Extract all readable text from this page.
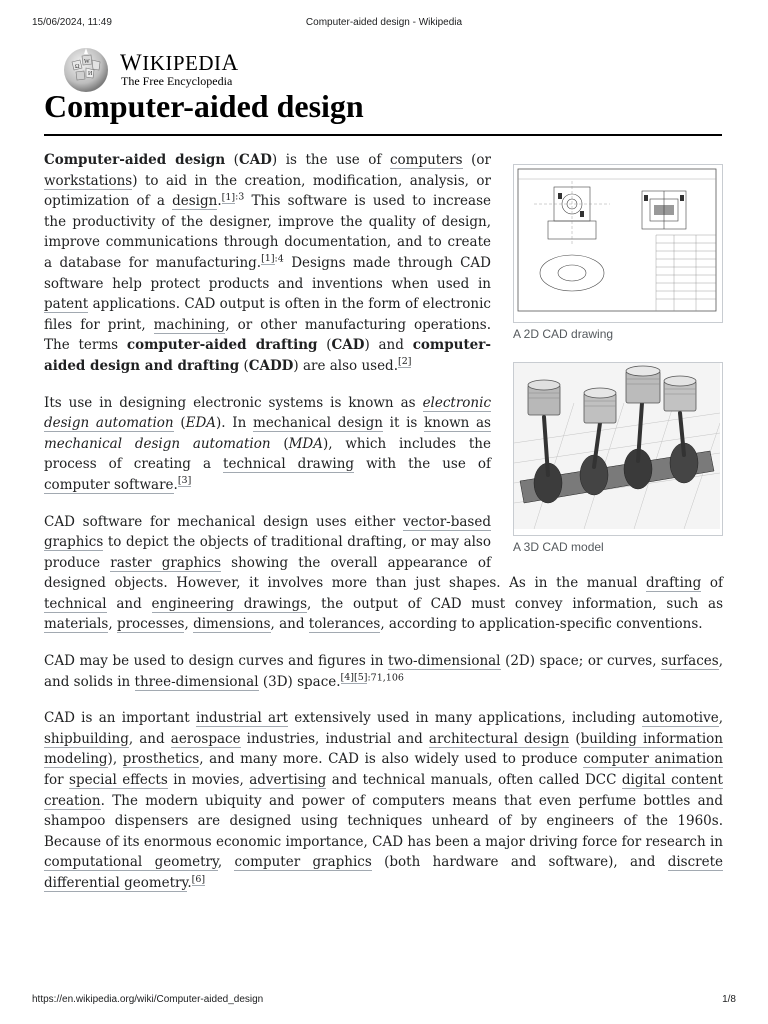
15/06/2024, 11:49	Computer-aided design - Wikipedia
Ω
W
И WIKIPEDIA
The Free Encyclopedia
Computer-aided design
A 2D CAD drawing
A 3D CAD model

Computer-aided design (CAD) is the use of computers (or workstations) to aid in the creation, modification, analysis, or optimization of a design.$^{[1]:3}$ This software is used to increase the productivity of the designer, improve the quality of design, improve communications through documentation, and to create a database for manufacturing.$^{[1]:4}$ Designs made through CAD software help protect products and inventions when used in patent applications. CAD output is often in the form of electronic files for print, machining, or other manufacturing operations. The terms computer-aided drafting (CAD) and computer-aided design and drafting (CADD) are also used.[2]

Its use in designing electronic systems is known as electronic design automation (EDA). In mechanical design it is known as mechanical design automation (MDA), which includes the process of creating a technical drawing with the use of computer software.[3]

CAD software for mechanical design uses either vector-based graphics to depict the objects of traditional drafting, or may also produce raster graphics showing the overall appearance of designed objects. However, it involves more than just shapes. As in the manual drafting of technical and engineering drawings, the output of CAD must convey information, such as materials, processes, dimensions, and tolerances, according to application-specific conventions.

CAD may be used to design curves and figures in two-dimensional (2D) space; or curves, surfaces, and solids in three-dimensional (3D) space.$^{[4][5]:71,106}$

CAD is an important industrial art extensively used in many applications, including automotive, shipbuilding, and aerospace industries, industrial and architectural design (building information modeling), prosthetics, and many more. CAD is also widely used to produce computer animation for special effects in movies, advertising and technical manuals, often called DCC digital content creation. The modern ubiquity and power of computers means that even perfume bottles and shampoo dispensers are designed using techniques unheard of by engineers of the 1960s. Because of its enormous economic importance, CAD has been a major driving force for research in computational geometry, computer graphics (both hardware and software), and discrete differential geometry.[6]

https://en.wikipedia.org/wiki/Computer-aided_design	1/8
